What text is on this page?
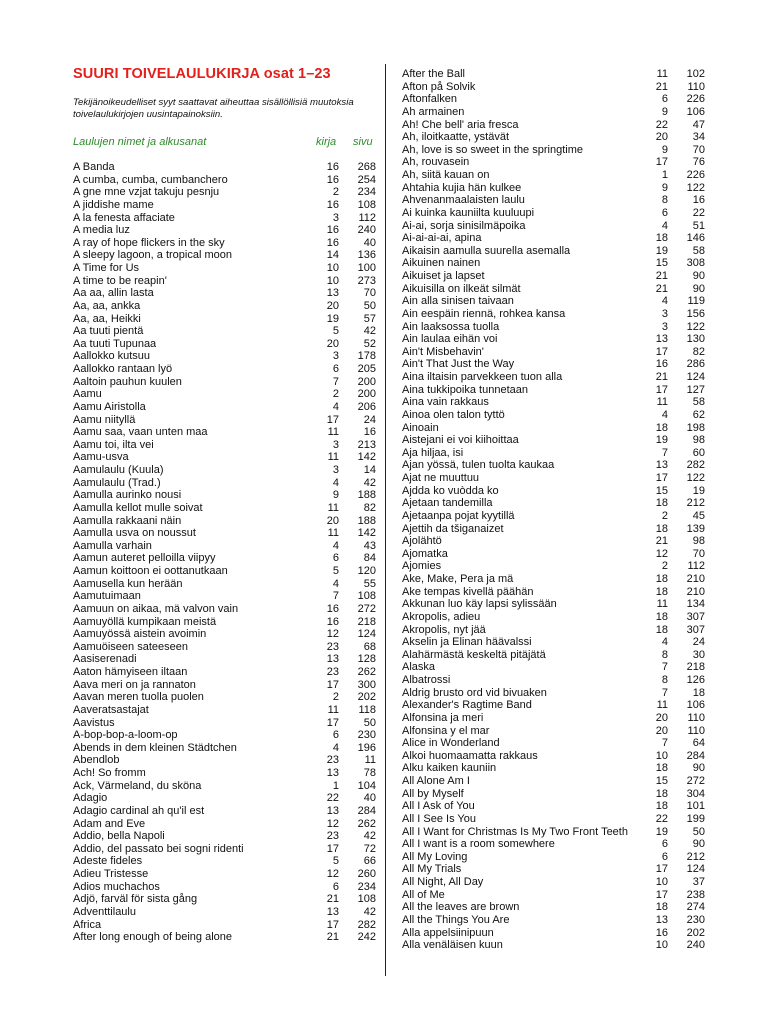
SUURI TOIVELAULUKIRJA osat 1–23

Tekijänoikeudelliset syyt saattavat aiheuttaa sisällöllisiä muutoksia toivelaulukirjojen uusintapainoksiin.

Laulujen nimet ja alkusanat	kirja sivu
A Banda	16 268
A cumba, cumba, cumbanchero	16 254
A gne mne vzjat takuju pesnju	2 234
A jiddishe mame	16 108
A la fenesta affaciate	3 112
A media luz	16 240
A ray of hope flickers in the sky	16 40
A sleepy lagoon, a tropical moon	14 136
A Time for Us	10 100
A time to be reapin'	10 273
Aa aa, allin lasta	13 70
Aa, aa, ankka	20 50
Aa, aa, Heikki	19 57
Aa tuuti pientä	5 42
Aa tuuti Tupunaa	20 52
Aallokko kutsuu	3 178
Aallokko rantaan lyö	6 205
Aaltoin pauhun kuulen	7 200
Aamu	2 200
Aamu Airistolla	4 206
Aamu niityllä	17 24
Aamu saa, vaan unten maa	11 16
Aamu toi, ilta vei	3 213
Aamu-usva	11 142
Aamulaulu (Kuula)	3 14
Aamulaulu (Trad.)	4 42
Aamulla aurinko nousi	9 188
Aamulla kellot mulle soivat	11 82
Aamulla rakkaani näin	20 188
Aamulla usva on noussut	11 142
Aamulla varhain	4 43
Aamun auteret pelloilla viipyy	6 84
Aamun koittoon ei oottanutkaan	5 120
Aamusella kun herään	4 55
Aamutuimaan	7 108
Aamuun on aikaa, mä valvon vain	16 272
Aamuyöllä kumpikaan meistä	16 218
Aamuyössä aistein avoimin	12 124
Aamuöiseen sateeseen	23 68
Aasiserenadi	13 128
Aaton hämyiseen iltaan	23 262
Aava meri on ja rannaton	17 300
Aavan meren tuolla puolen	2 202
Aaveratsastajat	11 118
Aavistus	17 50
A-bop-bop-a-loom-op	6 230
Abends in dem kleinen Städtchen	4 196
Abendlob	23 11
Ach! So fromm	13 78
Ack, Värmeland, du sköna	1 104
Adagio	22 40
Adagio cardinal ah qu'il est	13 284
Adam and Eve	12 262
Addio, bella Napoli	23 42
Addio, del passato bei sogni ridenti	17 72
Adeste fideles	5 66
Adieu Tristesse	12 260
Adios muchachos	6 234
Adjö, farväl för sista gång	21 108
Adventtilaulu	13 42
Africa	17 282
After long enough of being alone	21 242
After the Ball	11 102
Afton på Solvik	21 110
Aftonfalken	6 226
Ah armainen	9 106
Ah! Che bell' aria fresca	22 47
Ah, iloitkaatte, ystävät	20 34
Ah, love is so sweet in the springtime	9 70
Ah, rouvasein	17 76
Ah, siitä kauan on	1 226
Ahtahia kujia hän kulkee	9 122
Ahvenanmaalaisten laulu	8 16
Ai kuinka kauniilta kuuluupi	6 22
Ai-ai, sorja sinisilmäpoika	4 51
Ai-ai-ai-ai, apina	18 146
Aikaisin aamulla suurella asemalla	19 58
Aikuinen nainen	15 308
Aikuiset ja lapset	21 90
Aikuisilla on ilkeät silmät	21 90
Ain alla sinisen taivaan	4 119
Ain eespäin riennä, rohkea kansa	3 156
Ain laaksossa tuolla	3 122
Ain laulaa eihän voi	13 130
Ain't Misbehavin'	17 82
Ain't That Just the Way	16 286
Aina iltaisin parvekkeen tuon alla	21 124
Aina tukkipoika tunnetaan	17 127
Aina vain rakkaus	11 58
Ainoa olen talon tyttö	4 62
Ainoain	18 198
Aistejani ei voi kiihoittaa	19 98
Aja hiljaa, isi	7 60
Ajan yössä, tulen tuolta kaukaa	13 282
Ajat ne muuttuu	17 122
Ajdda ko vuòdda ko	15 19
Ajetaan tandemilla	18 212
Ajetaanpa pojat kyytillä	2 45
Ajettih da tšiganaizet	18 139
Ajolähtö	21 98
Ajomatka	12 70
Ajomies	2 112
Ake, Make, Pera ja mä	18 210
Ake tempas kivellä päähän	18 210
Akkunan luo käy lapsi sylissään	11 134
Akropolis, adieu	18 307
Akropolis, nyt jää	18 307
Akselin ja Elinan häävalssi	4 24
Alahärmästä keskeltä pitäjätä	8 30
Alaska	7 218
Albatrossi	8 126
Aldrig brusto ord vid bivuaken	7 18
Alexander's Ragtime Band	11 106
Alfonsina ja meri	20 110
Alfonsina y el mar	20 110
Alice in Wonderland	7 64
Alkoi huomaamatta rakkaus	10 284
Alku kaiken kauniin	18 90
All Alone Am I	15 272
All by Myself	18 304
All I Ask of You	18 101
All I See Is You	22 199
All I Want for Christmas Is My Two Front Teeth	19 50
All I want is a room somewhere	6 90
All My Loving	6 212
All My Trials	17 124
All Night, All Day	10 37
All of Me	17 238
All the leaves are brown	18 274
All the Things You Are	13 230
Alla appelsiinipuun	16 202
Alla venäläisen kuun	10 240
